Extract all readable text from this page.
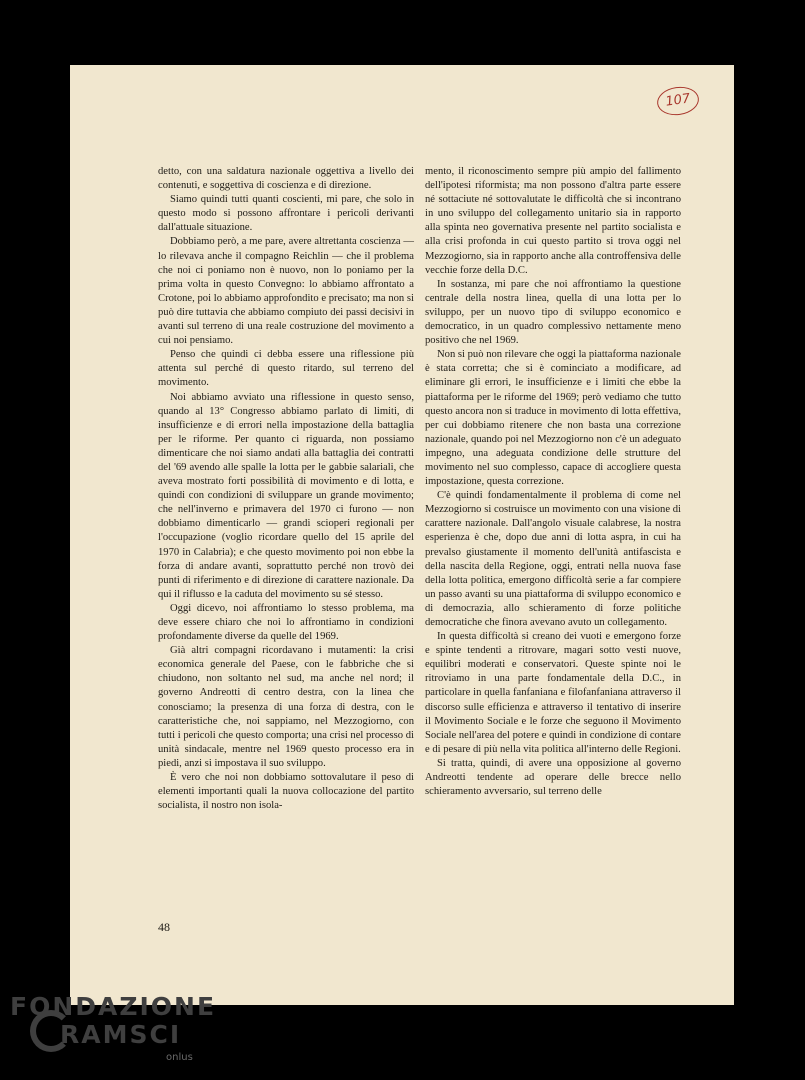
107

detto, con una saldatura nazionale oggettiva a livello dei contenuti, e soggettiva di coscienza e di direzione.

Siamo quindi tutti quanti coscienti, mi pare, che solo in questo modo si possono affrontare i pericoli derivanti dall'attuale situazione.

Dobbiamo però, a me pare, avere altrettanta coscienza — lo rilevava anche il compagno Reichlin — che il problema che noi ci poniamo non è nuovo, non lo poniamo per la prima volta in questo Convegno: lo abbiamo affrontato a Crotone, poi lo abbiamo approfondito e precisato; ma non si può dire tuttavia che abbiamo compiuto dei passi decisivi in avanti sul terreno di una reale costruzione del movimento a cui noi pensiamo.

Penso che quindi ci debba essere una riflessione più attenta sul perché di questo ritardo, sul terreno del movimento.

Noi abbiamo avviato una riflessione in questo senso, quando al 13° Congresso abbiamo parlato di limiti, di insufficienze e di errori nella impostazione della battaglia per le riforme. Per quanto ci riguarda, non possiamo dimenticare che noi siamo andati alla battaglia dei contratti del '69 avendo alle spalle la lotta per le gabbie salariali, che aveva mostrato forti possibilità di movimento e di lotta, e quindi con condizioni di sviluppare un grande movimento; che nell'inverno e primavera del 1970 ci furono — non dobbiamo dimenticarlo — grandi scioperi regionali per l'occupazione (voglio ricordare quello del 15 aprile del 1970 in Calabria); e che questo movimento poi non ebbe la forza di andare avanti, soprattutto perché non trovò dei punti di riferimento e di direzione di carattere nazionale. Da qui il riflusso e la caduta del movimento su sé stesso.

Oggi dicevo, noi affrontiamo lo stesso problema, ma deve essere chiaro che noi lo affrontiamo in condizioni profondamente diverse da quelle del 1969.

Già altri compagni ricordavano i mutamenti: la crisi economica generale del Paese, con le fabbriche che si chiudono, non soltanto nel sud, ma anche nel nord; il governo Andreotti di centro destra, con la linea che conosciamo; la presenza di una forza di destra, con le caratteristiche che, noi sappiamo, nel Mezzogiorno, con tutti i pericoli che questo comporta; una crisi nel processo di unità sindacale, mentre nel 1969 questo processo era in piedi, anzi si impostava il suo sviluppo.

È vero che noi non dobbiamo sottovalutare il peso di elementi importanti quali la nuova collocazione del partito socialista, il nostro non isola-

mento, il riconoscimento sempre più ampio del fallimento dell'ipotesi riformista; ma non possono d'altra parte essere né sottaciute né sottovalutate le difficoltà che si incontrano in uno sviluppo del collegamento unitario sia in rapporto alla spinta neo governativa presente nel partito socialista e alla crisi profonda in cui questo partito si trova oggi nel Mezzogiorno, sia in rapporto anche alla controffensiva delle vecchie forze della D.C.

In sostanza, mi pare che noi affrontiamo la questione centrale della nostra linea, quella di una lotta per lo sviluppo, per un nuovo tipo di sviluppo economico e democratico, in un quadro complessivo nettamente meno positivo che nel 1969.

Non si può non rilevare che oggi la piattaforma nazionale è stata corretta; che si è cominciato a modificare, ad eliminare gli errori, le insufficienze e i limiti che ebbe la piattaforma per le riforme del 1969; però vediamo che tutto questo ancora non si traduce in movimento di lotta effettiva, per cui dobbiamo ritenere che non basta una correzione nazionale, quando poi nel Mezzogiorno non c'è un adeguato impegno, una adeguata condizione delle strutture del movimento nel suo complesso, capace di accogliere questa impostazione, questa correzione.

C'è quindi fondamentalmente il problema di come nel Mezzogiorno si costruisce un movimento con una visione di carattere nazionale. Dall'angolo visuale calabrese, la nostra esperienza è che, dopo due anni di lotta aspra, in cui ha prevalso giustamente il momento dell'unità antifascista e della nascita della Regione, oggi, entrati nella nuova fase della lotta politica, emergono difficoltà serie a far compiere un passo avanti su una piattaforma di sviluppo economico e di democrazia, allo schieramento di forze politiche democratiche che finora avevano avuto un collegamento.

In questa difficoltà si creano dei vuoti e emergono forze e spinte tendenti a ritrovare, magari sotto vesti nuove, equilibri moderati e conservatori. Queste spinte noi le ritroviamo in una parte fondamentale della D.C., in particolare in quella fanfaniana e filofanfaniana attraverso il discorso sulle efficienza e attraverso il tentativo di inserire il Movimento Sociale e le forze che seguono il Movimento Sociale nell'area del potere e quindi in condizione di contare e di pesare di più nella vita politica all'interno delle Regioni.

Si tratta, quindi, di avere una opposizione al governo Andreotti tendente ad operare delle brecce nello schieramento avversario, sul terreno delle

48
FONDAZIONE
RAMSCI
onlus
